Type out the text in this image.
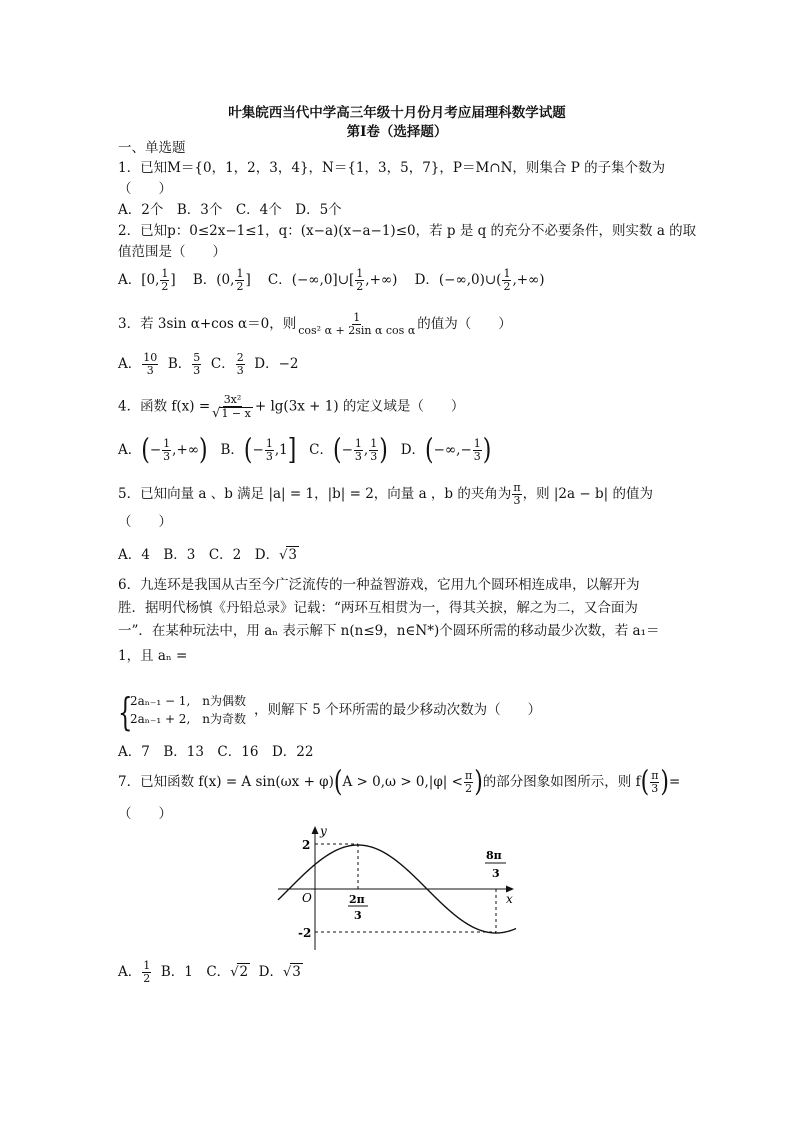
叶集皖西当代中学高三年级十月份月考应届理科数学试题
第Ⅰ卷（选择题）
一、单选题
1．已知M＝{0，1，2，3，4}，N＝{1，3，5，7}，P＝M∩N，则集合 P 的子集个数为
（　　）
A．2个　B．3个　C．4个　D．5个
2．已知p：0≤2x−1≤1，q：(x−a)(x−a−1)≤0，若 p 是 q 的充分不必要条件，则实数 a 的取
值范围是（　　）
A．[0, $\frac{1}{2}$ ] B．(0, $\frac{1}{2}$ ] C．(−∞,0]∪[ $\frac{1}{2}$ ,+∞) D．(−∞,0)∪( $\frac{1}{2}$ ,+∞)
3．若 3sin α+cos α＝0，则 $\frac{1}{\text{cos² α + 2sin α cos α}}$ 的值为（　　）
A． $\frac{10}{3}$ B． $\frac{5}{3}$ C． $\frac{2}{3}$ D．−2
4．函数 $f(x) = \frac{\text{3x²}}{√1 - x} + \lg(3x + 1)$ 的定义域是（　　）
A．(− $\frac{1}{3}$ ,+∞) B．(− $\frac{1}{3} ,1$] C．(− $\frac{1}{3}$ , $\frac{1}{3}$ ) D．(−∞,− $\frac{1}{3}$ )
5．已知向量 a 、b 满足 |a| = 1，|b| = 2，向量 a ，b 的夹角为 $\frac{\pi}{3}$ ，则 |2a − b| 的值为
（　　）
A．4　B．3　C．2　D．√3
6．九连环是我国从古至今广泛流传的一种益智游戏，它用九个圆环相连成串，以解开为
胜．据明代杨慎《丹铅总录》记载：“两环互相贯为一，得其关捩，解之为二，又合面为
一”．在某种玩法中，用 aₙ 表示解下 n(n≤9，n∈N*)个圆环所需的移动最少次数，若 a₁＝
1，且 aₙ =
{
2aₙ₋₁ − 1,　n为偶数
2aₙ₋₁ + 2,　n为奇数
，则解下 5 个环所需的最少移动次数为（　　）
A．7　B．13　C．16　D．22
7．已知函数 f(x) = A $\sin(\omega x + \varphi)(A > 0,\omega > 0,|\varphi| < \frac{\pi}{2}$ )的部分图象如图所示，则 $f( \frac{\pi}{3}$ )=
（　　）
y
x
O
2
-2
2π
3
8π
3
A． $\frac{1}{2}$ B．1　C．√2 D．√3
